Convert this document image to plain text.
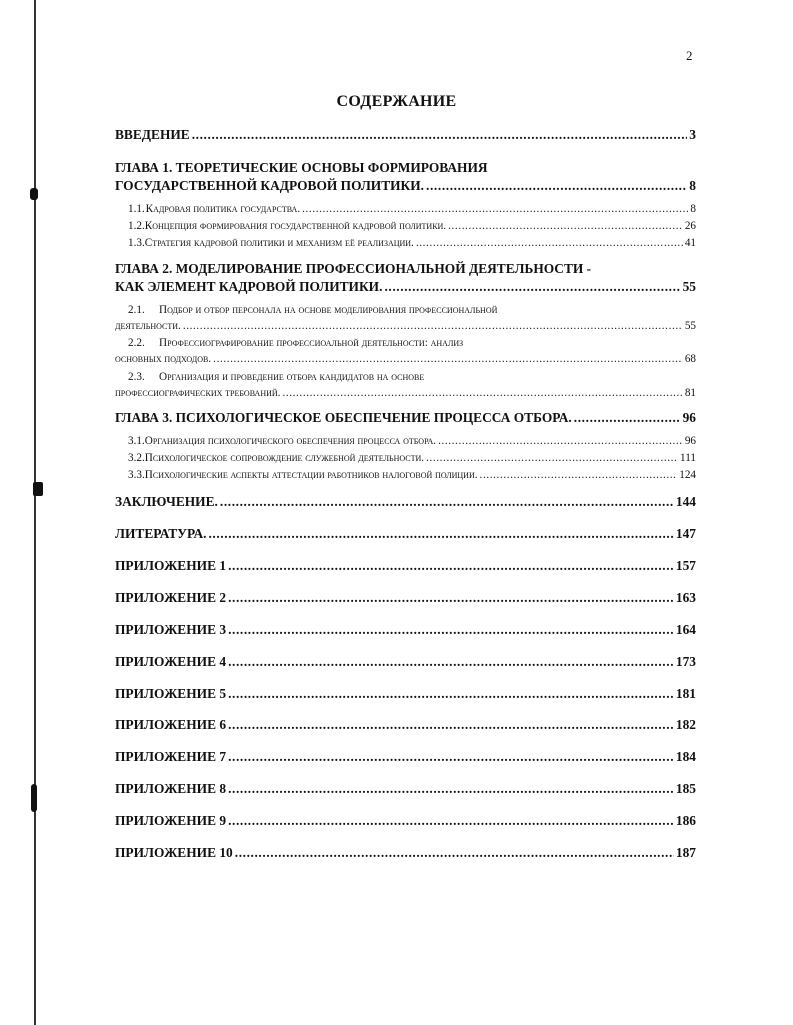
2
СОДЕРЖАНИЕ
ВВЕДЕНИЕ .....	3
ГЛАВА 1. ТЕОРЕТИЧЕСКИЕ ОСНОВЫ ФОРМИРОВАНИЯ
ГОСУДАРСТВЕННОЙ КАДРОВОЙ ПОЛИТИКИ. .....	8
1.1. Кадровая политика государства. .....	8
1.2. Концепция формирования государственной кадровой политики. .....	26
1.3. Стратегия кадровой политики и механизм её реализации. .....	41
ГЛАВА 2. МОДЕЛИРОВАНИЕ ПРОФЕССИОНАЛЬНОЙ ДЕЯТЕЛЬНОСТИ -
КАК ЭЛЕМЕНТ КАДРОВОЙ ПОЛИТИКИ. .....	55
2.1. Подбор и отбор персонала на основе моделирования профессиональной
деятельности. .....	55
2.2. Профессиографирование профессиоальной деятельности: анализ
основных подходов. .....	68
2.3. Организация и проведение отбора кандидатов на основе
профессиографических требований. .....	81
ГЛАВА 3. ПСИХОЛОГИЧЕСКОЕ ОБЕСПЕЧЕНИЕ ПРОЦЕССА ОТБОРА. .....	96
3.1. Организация психологического обеспечения процесса отбора. .....	96
3.2. Психологическое сопровождение служебной деятельности. .....	111
3.3. Психологические аспекты аттестации работников налоговой полиции. .....	124
ЗАКЛЮЧЕНИЕ. .....	144
ЛИТЕРАТУРА. .....	147
ПРИЛОЖЕНИЕ 1 .....	157
ПРИЛОЖЕНИЕ 2 .....	163
ПРИЛОЖЕНИЕ 3 .....	164
ПРИЛОЖЕНИЕ 4 .....	173
ПРИЛОЖЕНИЕ 5 .....	181
ПРИЛОЖЕНИЕ 6 .....	182
ПРИЛОЖЕНИЕ 7 .....	184
ПРИЛОЖЕНИЕ 8 .....	185
ПРИЛОЖЕНИЕ 9 .....	186
ПРИЛОЖЕНИЕ 10 .....	187
